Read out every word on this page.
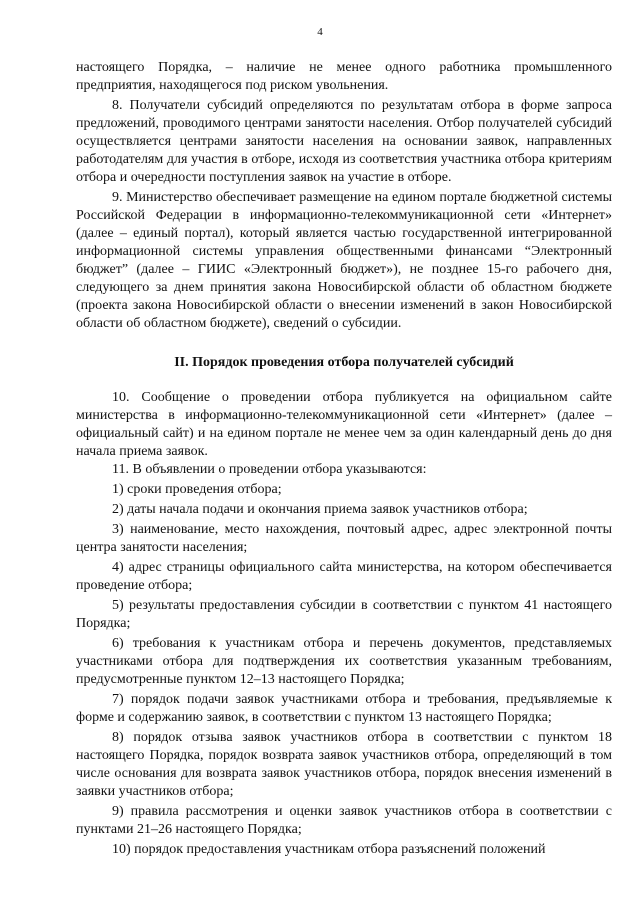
4

настоящего Порядка, – наличие не менее одного работника промышленного предприятия, находящегося под риском увольнения.

8. Получатели субсидий определяются по результатам отбора в форме запроса предложений, проводимого центрами занятости населения. Отбор получателей субсидий осуществляется центрами занятости населения на основании заявок, направленных работодателям для участия в отборе, исходя из соответствия участника отбора критериям отбора и очередности поступления заявок на участие в отборе.

9. Министерство обеспечивает размещение на едином портале бюджетной системы Российской Федерации в информационно-телекоммуникационной сети «Интернет» (далее – единый портал), который является частью государственной интегрированной информационной системы управления общественными финансами “Электронный бюджет” (далее – ГИИС «Электронный бюджет»), не позднее 15-го рабочего дня, следующего за днем принятия закона Новосибирской области об областном бюджете (проекта закона Новосибирской области о внесении изменений в закон Новосибирской области об областном бюджете), сведений о субсидии.

II. Порядок проведения отбора получателей субсидий

10. Сообщение о проведении отбора публикуется на официальном сайте министерства в информационно-телекоммуникационной сети «Интернет» (далее – официальный сайт) и на едином портале не менее чем за один календарный день до дня начала приема заявок.

11. В объявлении о проведении отбора указываются:

1) сроки проведения отбора;

2) даты начала подачи и окончания приема заявок участников отбора;

3) наименование, место нахождения, почтовый адрес, адрес электронной почты центра занятости населения;

4) адрес страницы официального сайта министерства, на котором обеспечивается проведение отбора;

5) результаты предоставления субсидии в соответствии с пунктом 41 настоящего Порядка;

6) требования к участникам отбора и перечень документов, представляемых участниками отбора для подтверждения их соответствия указанным требованиям, предусмотренные пунктом 12–13 настоящего Порядка;

7) порядок подачи заявок участниками отбора и требования, предъявляемые к форме и содержанию заявок, в соответствии с пунктом 13 настоящего Порядка;

8) порядок отзыва заявок участников отбора в соответствии с пунктом 18 настоящего Порядка, порядок возврата заявок участников отбора, определяющий в том числе основания для возврата заявок участников отбора, порядок внесения изменений в заявки участников отбора;

9) правила рассмотрения и оценки заявок участников отбора в соответствии с пунктами 21–26 настоящего Порядка;

10) порядок предоставления участникам отбора разъяснений положений
